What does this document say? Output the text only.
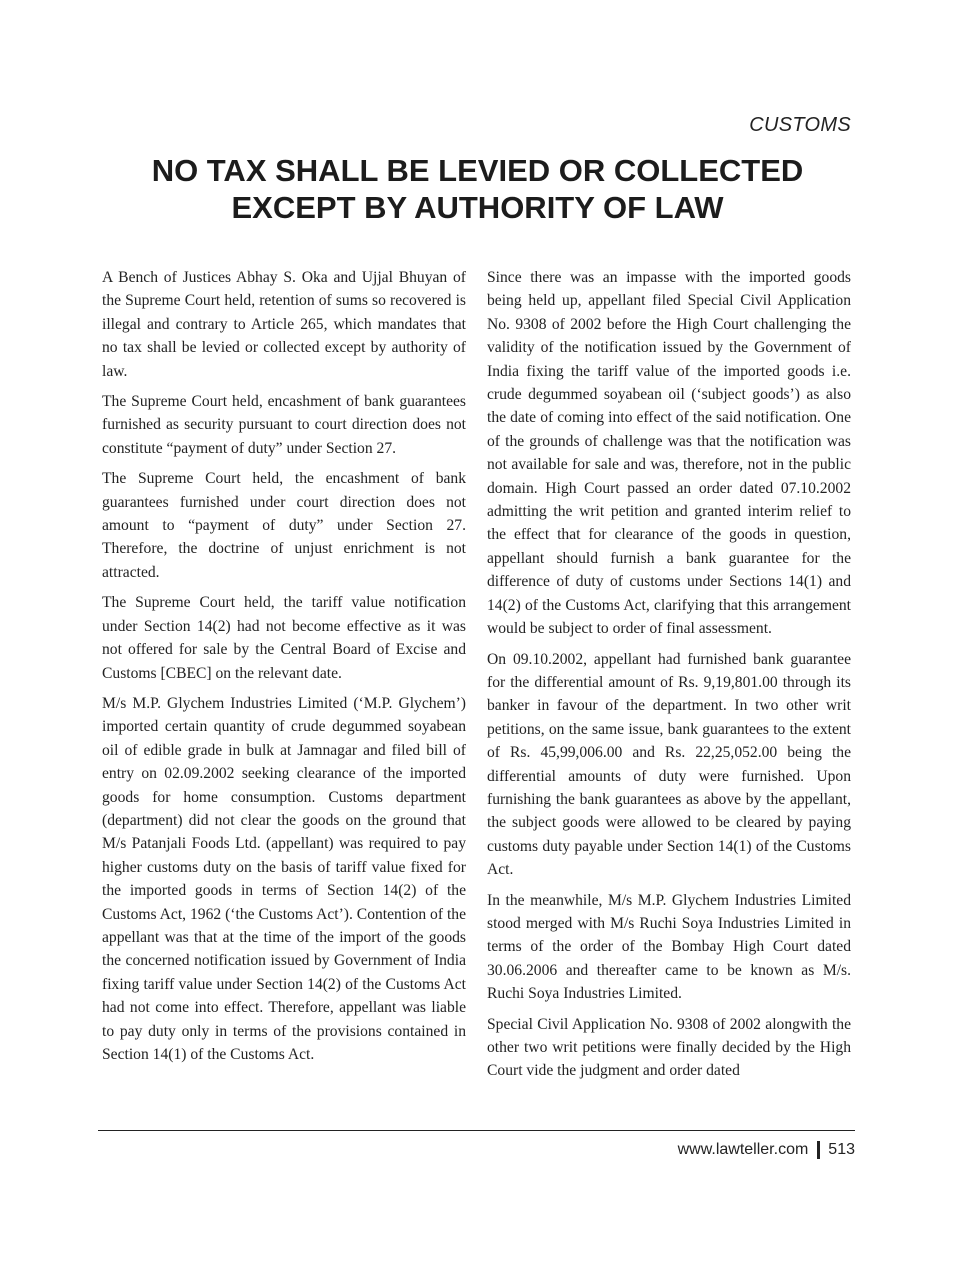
CUSTOMS
NO TAX SHALL BE LEVIED OR COLLECTED
EXCEPT BY AUTHORITY OF LAW

A Bench of Justices Abhay S. Oka and Ujjal Bhuyan of the Supreme Court held, retention of sums so recovered is illegal and contrary to Article 265, which mandates that no tax shall be levied or collected except by authority of law.

The Supreme Court held, encashment of bank guarantees furnished as security pursuant to court direction does not constitute “payment of duty” under Section 27.

The Supreme Court held, the encashment of bank guarantees furnished under court direction does not amount to “payment of duty” under Section 27. Therefore, the doctrine of unjust enrichment is not attracted.

The Supreme Court held, the tariff value notification under Section 14(2) had not become effective as it was not offered for sale by the Central Board of Excise and Customs [CBEC] on the relevant date.

M/s M.P. Glychem Industries Limited (‘M.P. Glychem’) imported certain quantity of crude degummed soyabean oil of edible grade in bulk at Jamnagar and filed bill of entry on 02.09.2002 seeking clearance of the imported goods for home consumption. Customs department (department) did not clear the goods on the ground that M/s Patanjali Foods Ltd. (appellant) was required to pay higher customs duty on the basis of tariff value fixed for the imported goods in terms of Section 14(2) of the Customs Act, 1962 (‘the Customs Act’). Contention of the appellant was that at the time of the import of the goods the concerned notification issued by Government of India fixing tariff value under Section 14(2) of the Customs Act had not come into effect. Therefore, appellant was liable to pay duty only in terms of the provisions contained in Section 14(1) of the Customs Act.

Since there was an impasse with the imported goods being held up, appellant filed Special Civil Application No. 9308 of 2002 before the High Court challenging the validity of the notification issued by the Government of India fixing the tariff value of the imported goods i.e. crude degummed soyabean oil (‘subject goods’) as also the date of coming into effect of the said notification. One of the grounds of challenge was that the notification was not available for sale and was, therefore, not in the public domain. High Court passed an order dated 07.10.2002 admitting the writ petition and granted interim relief to the effect that for clearance of the goods in question, appellant should furnish a bank guarantee for the difference of duty of customs under Sections 14(1) and 14(2) of the Customs Act, clarifying that this arrangement would be subject to order of final assessment.

On 09.10.2002, appellant had furnished bank guarantee for the differential amount of Rs. 9,19,801.00 through its banker in favour of the department. In two other writ petitions, on the same issue, bank guarantees to the extent of Rs. 45,99,006.00 and Rs. 22,25,052.00 being the differential amounts of duty were furnished. Upon furnishing the bank guarantees as above by the appellant, the subject goods were allowed to be cleared by paying customs duty payable under Section 14(1) of the Customs Act.

In the meanwhile, M/s M.P. Glychem Industries Limited stood merged with M/s Ruchi Soya Industries Limited in terms of the order of the Bombay High Court dated 30.06.2006 and thereafter came to be known as M/s. Ruchi Soya Industries Limited.

Special Civil Application No. 9308 of 2002 alongwith the other two writ petitions were finally decided by the High Court vide the judgment and order dated

www.lawteller.com 513
